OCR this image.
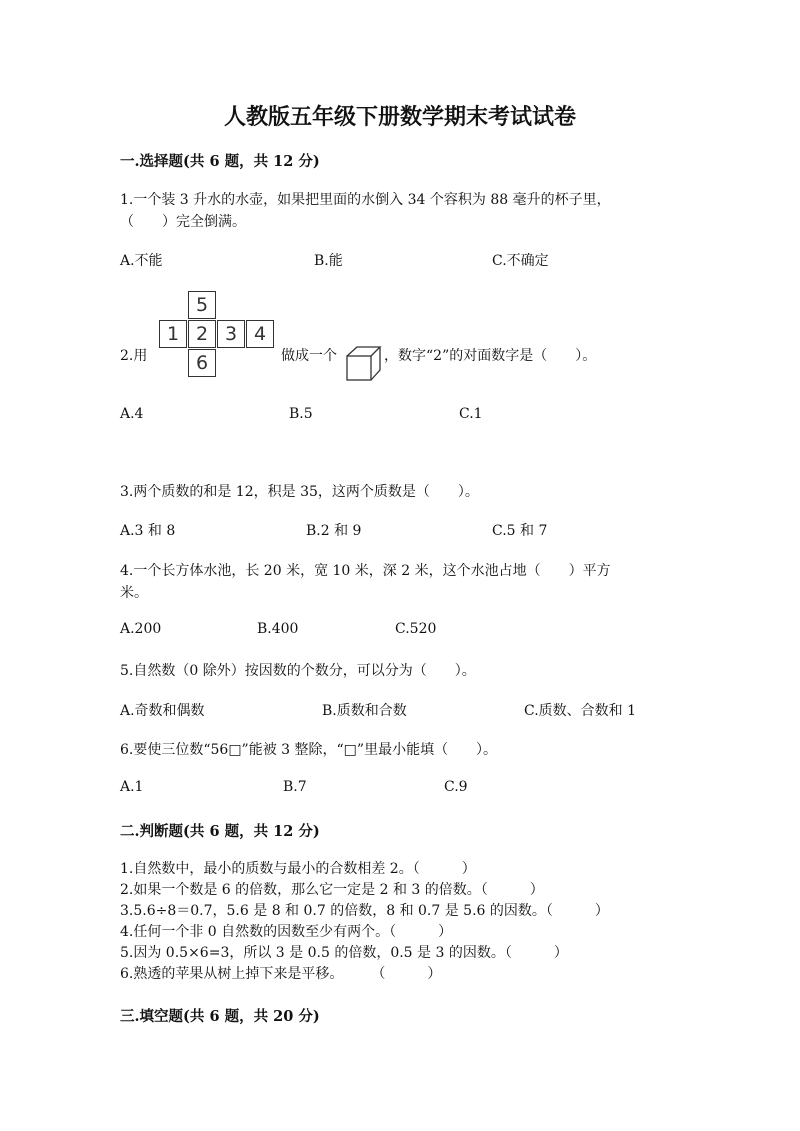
人教版五年级下册数学期末考试试卷
一.选择题(共 6 题，共 12 分)
1.一个装 3 升水的水壶，如果把里面的水倒入 34 个容积为 88 毫升的杯子里，
（　　）完全倒满。
A.不能	B.能	C.不确定
2.用
5
1 2 3 4
6	做成一个	，数字“2”的对面数字是（　　）。
A.4	B.5	C.1
3.两个质数的和是 12，积是 35，这两个质数是（　　）。
A.3 和 8	B.2 和 9	C.5 和 7
4.一个长方体水池，长 20 米，宽 10 米，深 2 米，这个水池占地（　　）平方
米。
A.200	B.400	C.520
5.自然数（0 除外）按因数的个数分，可以分为（　　）。
A.奇数和偶数	B.质数和合数	C.质数、合数和 1
6.要使三位数“56□”能被 3 整除，“□”里最小能填（　　）。
A.1	B.7	C.9
二.判断题(共 6 题，共 12 分)
1.自然数中，最小的质数与最小的合数相差 2。（　　　）
2.如果一个数是 6 的倍数，那么它一定是 2 和 3 的倍数。（　　　）
3.5.6÷8＝0.7，5.6 是 8 和 0.7 的倍数，8 和 0.7 是 5.6 的因数。（　　　）
4.任何一个非 0 自然数的因数至少有两个。（　　　）
5.因为 0.5×6=3，所以 3 是 0.5 的倍数，0.5 是 3 的因数。（　　　）
6.熟透的苹果从树上掉下来是平移。　　　（　　　）
三.填空题(共 6 题，共 20 分)
